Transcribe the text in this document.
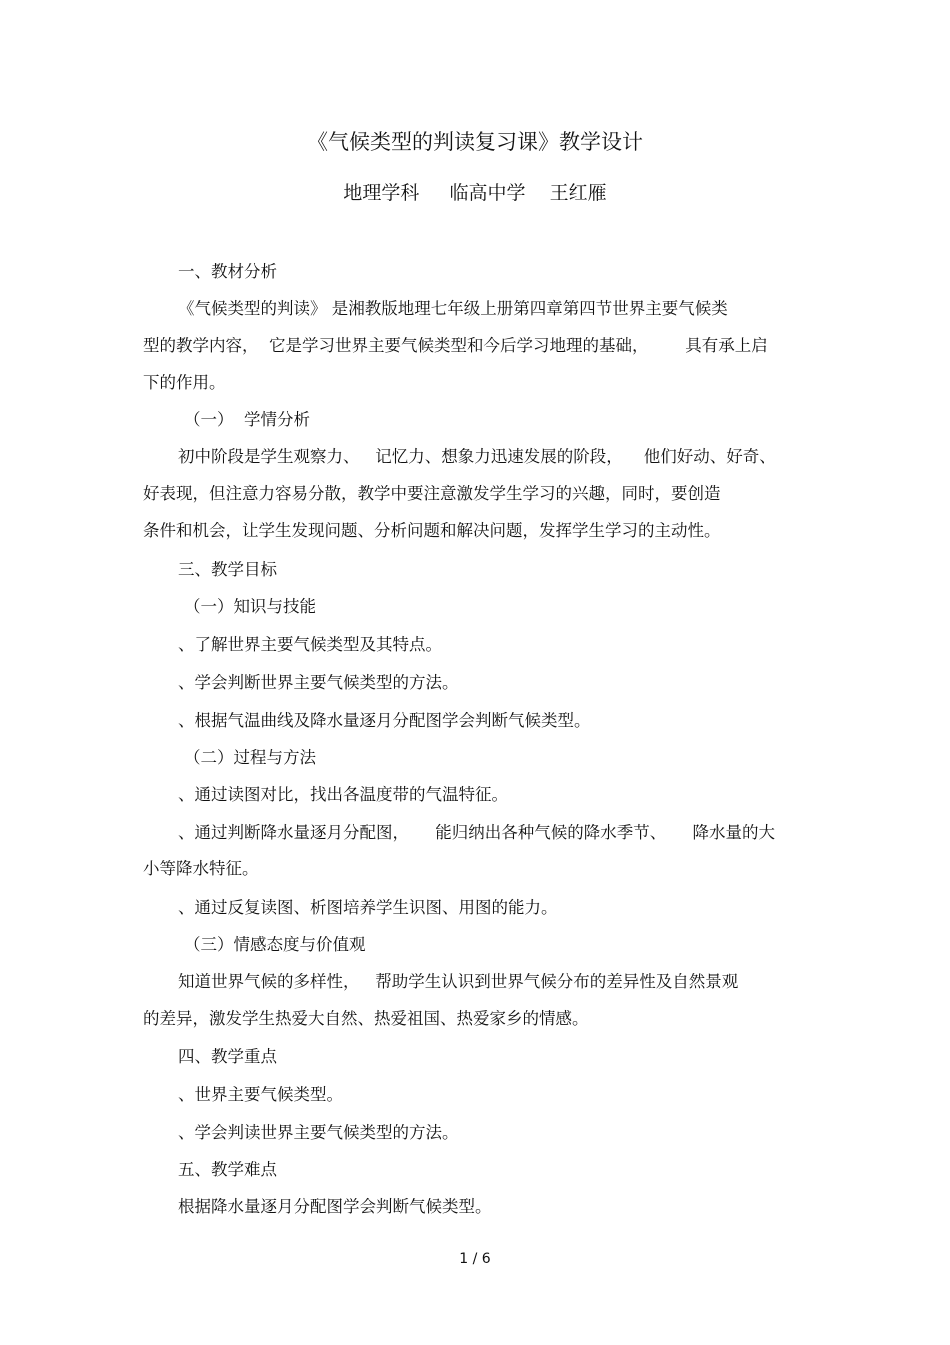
《气候类型的判读复习课》教学设计
地理学科     临高中学    王红雁
一、教材分析
《气候类型的判读》 是湘教版地理七年级上册第四章第四节世界主要气候类
型的教学内容，  它是学习世界主要气候类型和今后学习地理的基础，       具有承上启
下的作用。
（一）  学情分析
初中阶段是学生观察力、   记忆力、想象力迅速发展的阶段，    他们好动、好奇、
好表现，但注意力容易分散，教学中要注意激发学生学习的兴趣，同时，要创造
条件和机会，让学生发现问题、分析问题和解决问题，发挥学生学习的主动性。
三、教学目标
（一）知识与技能
、了解世界主要气候类型及其特点。
、学会判断世界主要气候类型的方法。
、根据气温曲线及降水量逐月分配图学会判断气候类型。
（二）过程与方法
、通过读图对比，找出各温度带的气温特征。
、通过判断降水量逐月分配图，     能归纳出各种气候的降水季节、     降水量的大
小等降水特征。
、通过反复读图、析图培养学生识图、用图的能力。
（三）情感态度与价值观
知道世界气候的多样性，   帮助学生认识到世界气候分布的差异性及自然景观
的差异，激发学生热爱大自然、热爱祖国、热爱家乡的情感。
四、教学重点
、世界主要气候类型。
、学会判读世界主要气候类型的方法。
五、教学难点
根据降水量逐月分配图学会判断气候类型。
1 / 6
